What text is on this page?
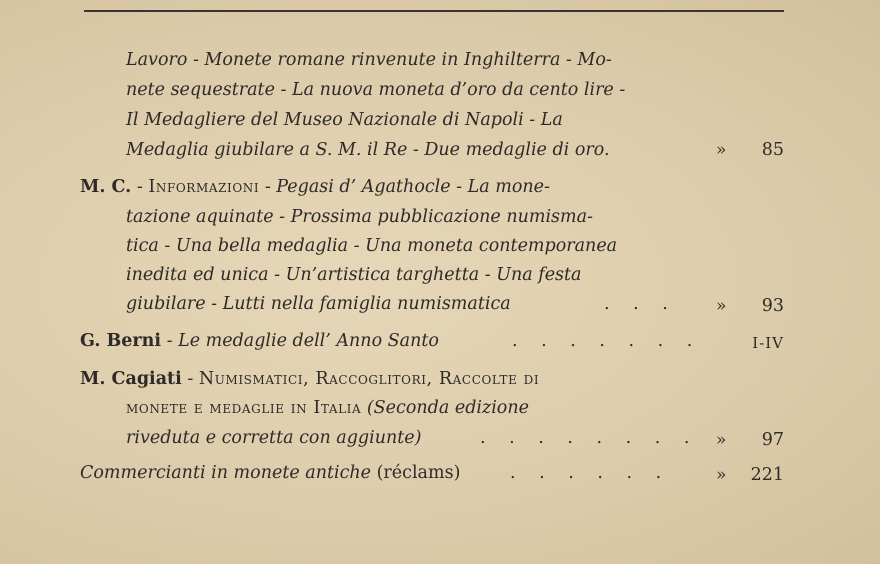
Lavoro - Monete romane rinvenute in Inghilterra - Mo-
nete sequestrate - La nuova moneta d’oro da cento lire -
Il Medagliere del Museo Nazionale di Napoli - La
Medaglia giubilare a S. M. il Re - Due medaglie di oro.	»	85
M. C. - Informazioni - Pegasi d’ Agathocle - La mone-
tazione aquinate - Prossima pubblicazione numisma-
tica - Una bella medaglia - Una moneta contemporanea
inedita ed unica - Un’artistica targhetta - Una festa
giubilare - Lutti nella famiglia numismatica	. . . »	93
G. Berni - Le medaglie dell’ Anno Santo	. . . . . . .	I-IV
M. Cagiati - Numismatici, Raccoglitori, Raccolte di
monete e medaglie in Italia (Seconda edizione
riveduta e corretta con aggiunte)	. . . . . . . . »	97
Commercianti in monete antiche (réclams)	. . . . . .	»	221
